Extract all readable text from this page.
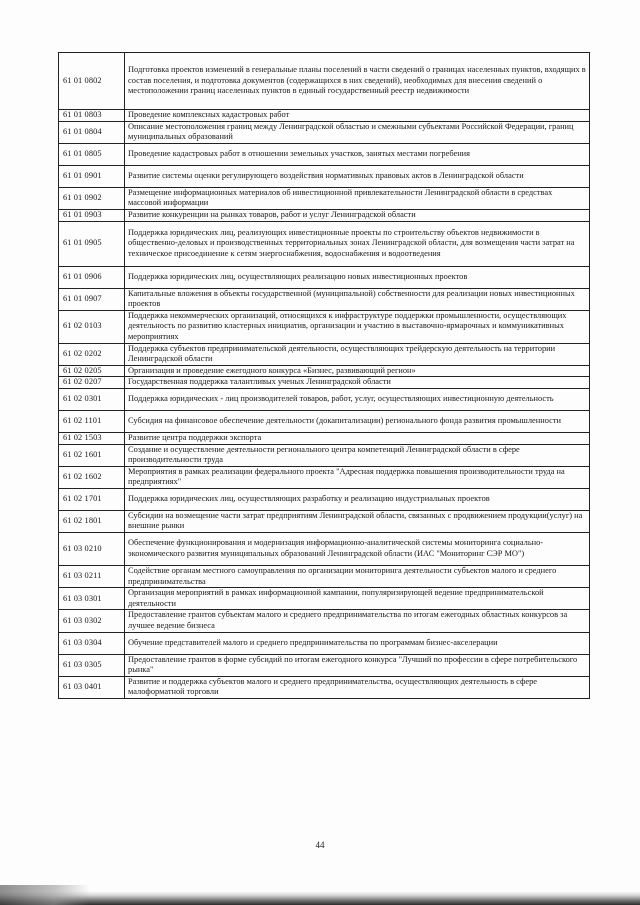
61 01 0802	Подготовка проектов изменений в генеральные планы поселений в части сведений о границах населенных пунктов, входящих в состав поселения, и подготовка документов (содержащихся в них сведений), необходимых для внесения сведений о местоположении границ населенных пунктов в единый государственный реестр недвижимости
61 01 0803	Проведение комплексных кадастровых работ
61 01 0804	Описание местоположения границ между Ленинградской областью и смежными субъектами Российской Федерации, границ муниципальных образований
61 01 0805	Проведение кадастровых работ в отношении земельных участков, занятых местами погребения
61 01 0901	Развитие системы оценки регулирующего воздействия нормативных правовых актов в Ленинградской области
61 01 0902	Размещение информационных материалов об инвестиционной привлекательности Ленинградской области в средствах массовой информации
61 01 0903	Развитие конкуренции на рынках товаров, работ и услуг Ленинградской области
61 01 0905	Поддержка юридических лиц, реализующих инвестиционные проекты по строительству объектов недвижимости в общественно-деловых и производственных территориальных зонах Ленинградской области, для возмещения части затрат на техническое присоединение к сетям энергоснабжения, водоснабжения и водоотведения
61 01 0906	Поддержка юридических лиц, осуществляющих реализацию новых инвестиционных проектов
61 01 0907	Капитальные вложения в объекты государственной (муниципальной) собственности для реализации новых инвестиционных проектов
61 02 0103	Поддержка некоммерческих организаций, относящихся к инфраструктуре поддержки промышленности, осуществляющих деятельность по развитию кластерных инициатив, организации и участию в выставочно-ярмарочных и коммуникативных мероприятиях
61 02 0202	Поддержка субъектов предпринимательской деятельности, осуществляющих трейдерскую деятельность на территории Ленинградской области
61 02 0205	Организация и проведение ежегодного конкурса «Бизнес, развивающий регион»
61 02 0207	Государственная поддержка талантливых ученых Ленинградской области
61 02 0301	Поддержка юридических - лиц производителей товаров, работ, услуг, осуществляющих инвестиционную деятельность
61 02 1101	Субсидия на финансовое обеспечение деятельности (докапитализации) регионального фонда развития промышленности
61 02 1503	Развитие центра поддержки экспорта
61 02 1601	Создание и осуществление деятельности регионального центра компетенций Ленинградской области в сфере производительности труда
61 02 1602	Мероприятия в рамках реализации федерального проекта "Адресная поддержка повышения производительности труда на предприятиях"
61 02 1701	Поддержка юридических лиц, осуществляющих разработку и реализацию индустриальных проектов
61 02 1801	Субсидии на возмещение части затрат предприятиям Ленинградской области, связанных с продвижением продукции(услуг) на внешние рынки
61 03 0210	Обеспечение функционирования и модернизация информационно-аналитической системы мониторинга социально-экономического развития муниципальных образований Ленинградской области (ИАС "Мониторинг СЭР МО")
61 03 0211	Содействие органам местного самоуправления по организации мониторинга деятельности субъектов малого и среднего предпринимательства
61 03 0301	Организация мероприятий в рамках информационной кампании, популяризирующей ведение предпринимательской деятельности
61 03 0302	Предоставление грантов субъектам малого и среднего предпринимательства по итогам ежегодных областных конкурсов за лучшее ведение бизнеса
61 03 0304	Обучение представителей малого и среднего предпринимательства по программам бизнес-акселерации
61 03 0305	Предоставление грантов в форме субсидий по итогам ежегодного конкурса "Лучший по профессии в сфере потребительского рынка"
61 03 0401	Развитие и поддержка субъектов малого и среднего предпринимательства, осуществляющих деятельность в сфере малоформатной торговли
44
